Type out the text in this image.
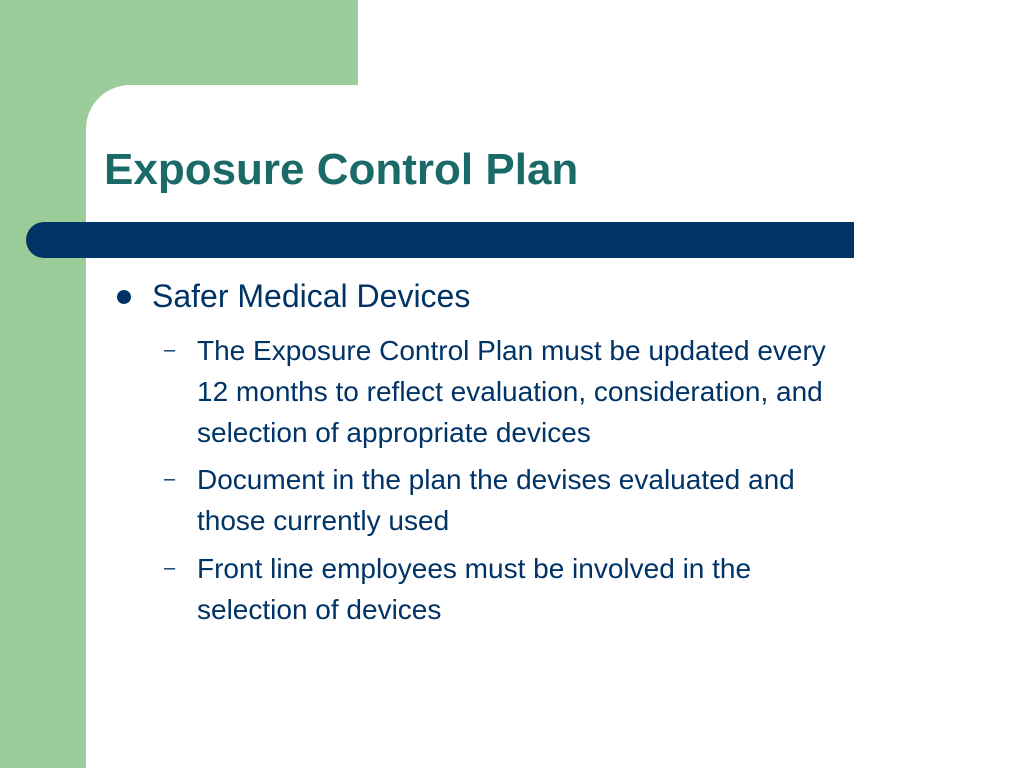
Exposure Control Plan
Safer Medical Devices
– The Exposure Control Plan must be updated every
12 months to reflect evaluation, consideration, and
selection of appropriate devices
– Document in the plan the devises evaluated and
those currently used
– Front line employees must be involved in the
selection of devices
